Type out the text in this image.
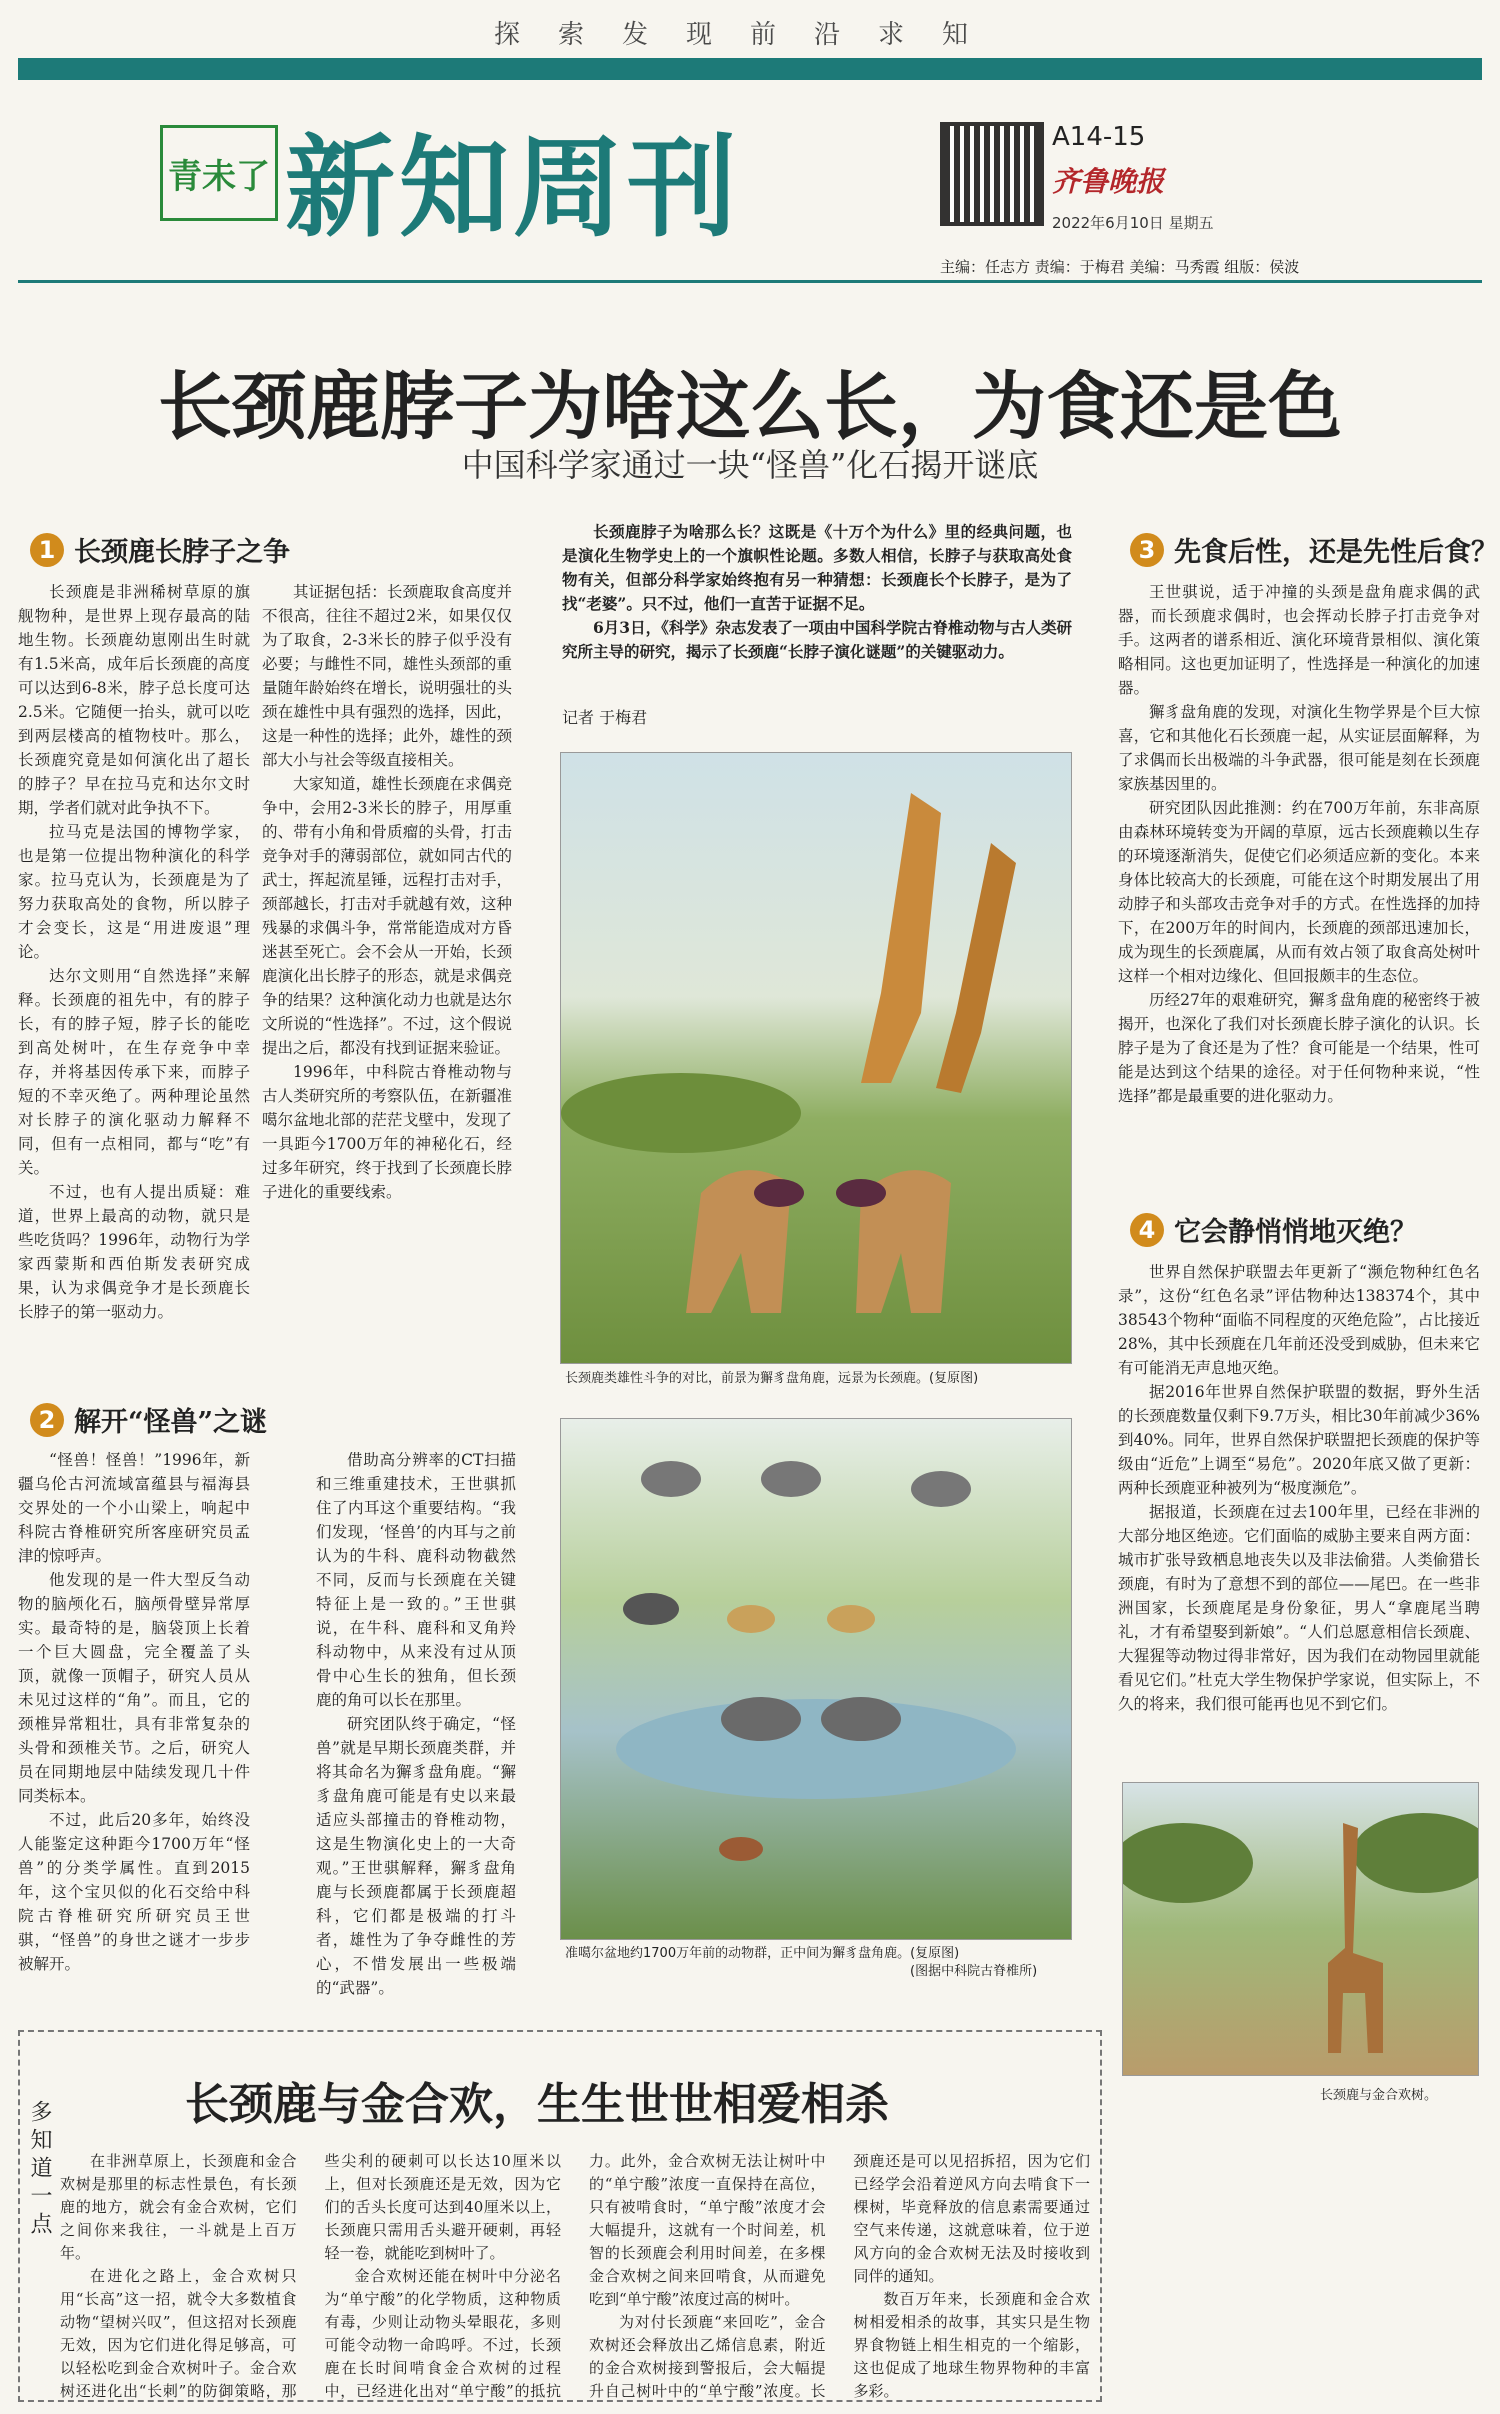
探索发现前沿求知
青未了 新知周刊	A14-15
齐鲁晚报
2022年6月10日 星期五
主编：任志方 责编：于梅君 美编：马秀霞 组版：侯波
长颈鹿脖子为啥这么长，为食还是色
中国科学家通过一块“怪兽”化石揭开谜底
1 长颈鹿长脖子之争

长颈鹿是非洲稀树草原的旗舰物种，是世界上现存最高的陆地生物。长颈鹿幼崽刚出生时就有1.5米高，成年后长颈鹿的高度可以达到6-8米，脖子总长度可达2.5米。它随便一抬头，就可以吃到两层楼高的植物枝叶。那么，长颈鹿究竟是如何演化出了超长的脖子？早在拉马克和达尔文时期，学者们就对此争执不下。

拉马克是法国的博物学家，也是第一位提出物种演化的科学家。拉马克认为，长颈鹿是为了努力获取高处的食物，所以脖子才会变长，这是“用进废退”理论。

达尔文则用“自然选择”来解释。长颈鹿的祖先中，有的脖子长，有的脖子短，脖子长的能吃到高处树叶，在生存竞争中幸存，并将基因传承下来，而脖子短的不幸灭绝了。两种理论虽然对长脖子的演化驱动力解释不同，但有一点相同，都与“吃”有关。

不过，也有人提出质疑：难道，世界上最高的动物，就只是些吃货吗？1996年，动物行为学家西蒙斯和西伯斯发表研究成果，认为求偶竞争才是长颈鹿长长脖子的第一驱动力。

其证据包括：长颈鹿取食高度并不很高，往往不超过2米，如果仅仅为了取食，2-3米长的脖子似乎没有必要；与雌性不同，雄性头颈部的重量随年龄始终在增长，说明强壮的头颈在雄性中具有强烈的选择，因此，这是一种性的选择；此外，雄性的颈部大小与社会等级直接相关。

大家知道，雄性长颈鹿在求偶竞争中，会用2-3米长的脖子，用厚重的、带有小角和骨质瘤的头骨，打击竞争对手的薄弱部位，就如同古代的武士，挥起流星锤，远程打击对手，颈部越长，打击对手就越有效，这种残暴的求偶斗争，常常能造成对方昏迷甚至死亡。会不会从一开始，长颈鹿演化出长脖子的形态，就是求偶竞争的结果？这种演化动力也就是达尔文所说的“性选择”。不过，这个假说提出之后，都没有找到证据来验证。

1996年，中科院古脊椎动物与古人类研究所的考察队伍，在新疆准噶尔盆地北部的茫茫戈壁中，发现了一具距今1700万年的神秘化石，经过多年研究，终于找到了长颈鹿长脖子进化的重要线索。

长颈鹿脖子为啥那么长？这既是《十万个为什么》里的经典问题，也是演化生物学史上的一个旗帜性论题。多数人相信，长脖子与获取高处食物有关，但部分科学家始终抱有另一种猜想：长颈鹿长个长脖子，是为了找“老婆”。只不过，他们一直苦于证据不足。

6月3日，《科学》杂志发表了一项由中国科学院古脊椎动物与古人类研究所主导的研究，揭示了长颈鹿“长脖子演化谜题”的关键驱动力。

记者 于梅君
长颈鹿类雄性斗争的对比，前景为獬豸盘角鹿，远景为长颈鹿。(复原图)
2 解开“怪兽”之谜

“怪兽！怪兽！”1996年，新疆乌伦古河流域富蕴县与福海县交界处的一个小山梁上，响起中科院古脊椎研究所客座研究员孟津的惊呼声。

他发现的是一件大型反刍动物的脑颅化石，脑颅骨壁异常厚实。最奇特的是，脑袋顶上长着一个巨大圆盘，完全覆盖了头顶，就像一顶帽子，研究人员从未见过这样的“角”。而且，它的颈椎异常粗壮，具有非常复杂的头骨和颈椎关节。之后，研究人员在同期地层中陆续发现几十件同类标本。

不过，此后20多年，始终没人能鉴定这种距今1700万年“怪兽”的分类学属性。直到2015年，这个宝贝似的化石交给中科院古脊椎研究所研究员王世骐，“怪兽”的身世之谜才一步步被解开。

借助高分辨率的CT扫描和三维重建技术，王世骐抓住了内耳这个重要结构。“我们发现，‘怪兽’的内耳与之前认为的牛科、鹿科动物截然不同，反而与长颈鹿在关键特征上是一致的。”王世骐说，在牛科、鹿科和叉角羚科动物中，从来没有过从顶骨中心生长的独角，但长颈鹿的角可以长在那里。

研究团队终于确定，“怪兽”就是早期长颈鹿类群，并将其命名为獬豸盘角鹿。“獬豸盘角鹿可能是有史以来最适应头部撞击的脊椎动物，这是生物演化史上的一大奇观。”王世骐解释，獬豸盘角鹿与长颈鹿都属于长颈鹿超科，它们都是极端的打斗者，雄性为了争夺雌性的芳心，不惜发展出一些极端的“武器”。

准噶尔盆地约1700万年前的动物群，正中间为獬豸盘角鹿。(复原图)
(图据中科院古脊椎所)
3 先食后性，还是先性后食？

王世骐说，适于冲撞的头颈是盘角鹿求偶的武器，而长颈鹿求偶时，也会挥动长脖子打击竞争对手。这两者的谱系相近、演化环境背景相似、演化策略相同。这也更加证明了，性选择是一种演化的加速器。

獬豸盘角鹿的发现，对演化生物学界是个巨大惊喜，它和其他化石长颈鹿一起，从实证层面解释，为了求偶而长出极端的斗争武器，很可能是刻在长颈鹿家族基因里的。

研究团队因此推测：约在700万年前，东非高原由森林环境转变为开阔的草原，远古长颈鹿赖以生存的环境逐渐消失，促使它们必须适应新的变化。本来身体比较高大的长颈鹿，可能在这个时期发展出了用动脖子和头部攻击竞争对手的方式。在性选择的加持下，在200万年的时间内，长颈鹿的颈部迅速加长，成为现生的长颈鹿属，从而有效占领了取食高处树叶这样一个相对边缘化、但回报颇丰的生态位。

历经27年的艰难研究，獬豸盘角鹿的秘密终于被揭开，也深化了我们对长颈鹿长脖子演化的认识。长脖子是为了食还是为了性？食可能是一个结果，性可能是达到这个结果的途径。对于任何物种来说，“性选择”都是最重要的进化驱动力。

4 它会静悄悄地灭绝？

世界自然保护联盟去年更新了“濒危物种红色名录”，这份“红色名录”评估物种达138374个，其中38543个物种“面临不同程度的灭绝危险”，占比接近28%，其中长颈鹿在几年前还没受到威胁，但未来它有可能消无声息地灭绝。

据2016年世界自然保护联盟的数据，野外生活的长颈鹿数量仅剩下9.7万头，相比30年前减少36%到40%。同年，世界自然保护联盟把长颈鹿的保护等级由“近危”上调至“易危”。2020年底又做了更新：两种长颈鹿亚种被列为“极度濒危”。

据报道，长颈鹿在过去100年里，已经在非洲的大部分地区绝迹。它们面临的威胁主要来自两方面：城市扩张导致栖息地丧失以及非法偷猎。人类偷猎长颈鹿，有时为了意想不到的部位——尾巴。在一些非洲国家，长颈鹿尾是身份象征，男人“拿鹿尾当聘礼，才有希望娶到新娘”。“人们总愿意相信长颈鹿、大猩猩等动物过得非常好，因为我们在动物园里就能看见它们。”杜克大学生物保护学家说，但实际上，不久的将来，我们很可能再也见不到它们。

长颈鹿与金合欢树。
多知道一点	长颈鹿与金合欢，生生世世相爱相杀

在非洲草原上，长颈鹿和金合欢树是那里的标志性景色，有长颈鹿的地方，就会有金合欢树，它们之间你来我往，一斗就是上百万年。

在进化之路上，金合欢树只用“长高”这一招，就令大多数植食动物“望树兴叹”，但这招对长颈鹿无效，因为它们进化得足够高，可以轻松吃到金合欢树叶子。金合欢树还进化出“长刺”的防御策略，那些尖利的硬刺可以长达10厘米以上，但对长颈鹿还是无效，因为它们的舌头长度可达到40厘米以上，长颈鹿只需用舌头避开硬刺，再轻轻一卷，就能吃到树叶了。

金合欢树还能在树叶中分泌名为“单宁酸”的化学物质，这种物质有毒，少则让动物头晕眼花，多则可能令动物一命呜呼。不过，长颈鹿在长时间啃食金合欢树的过程中，已经进化出对“单宁酸”的抵抗力。此外，金合欢树无法让树叶中的“单宁酸”浓度一直保持在高位，只有被啃食时，“单宁酸”浓度才会大幅提升，这就有一个时间差，机智的长颈鹿会利用时间差，在多棵金合欢树之间来回啃食，从而避免吃到“单宁酸”浓度过高的树叶。

为对付长颈鹿“来回吃”，金合欢树还会释放出乙烯信息素，附近的金合欢树接到警报后，会大幅提升自己树叶中的“单宁酸”浓度。长颈鹿还是可以见招拆招，因为它们已经学会沿着逆风方向去啃食下一棵树，毕竟释放的信息素需要通过空气来传递，这就意味着，位于逆风方向的金合欢树无法及时接收到同伴的通知。

数百万年来，长颈鹿和金合欢树相爱相杀的故事，其实只是生物界食物链上相生相克的一个缩影，这也促成了地球生物界物种的丰富多彩。
